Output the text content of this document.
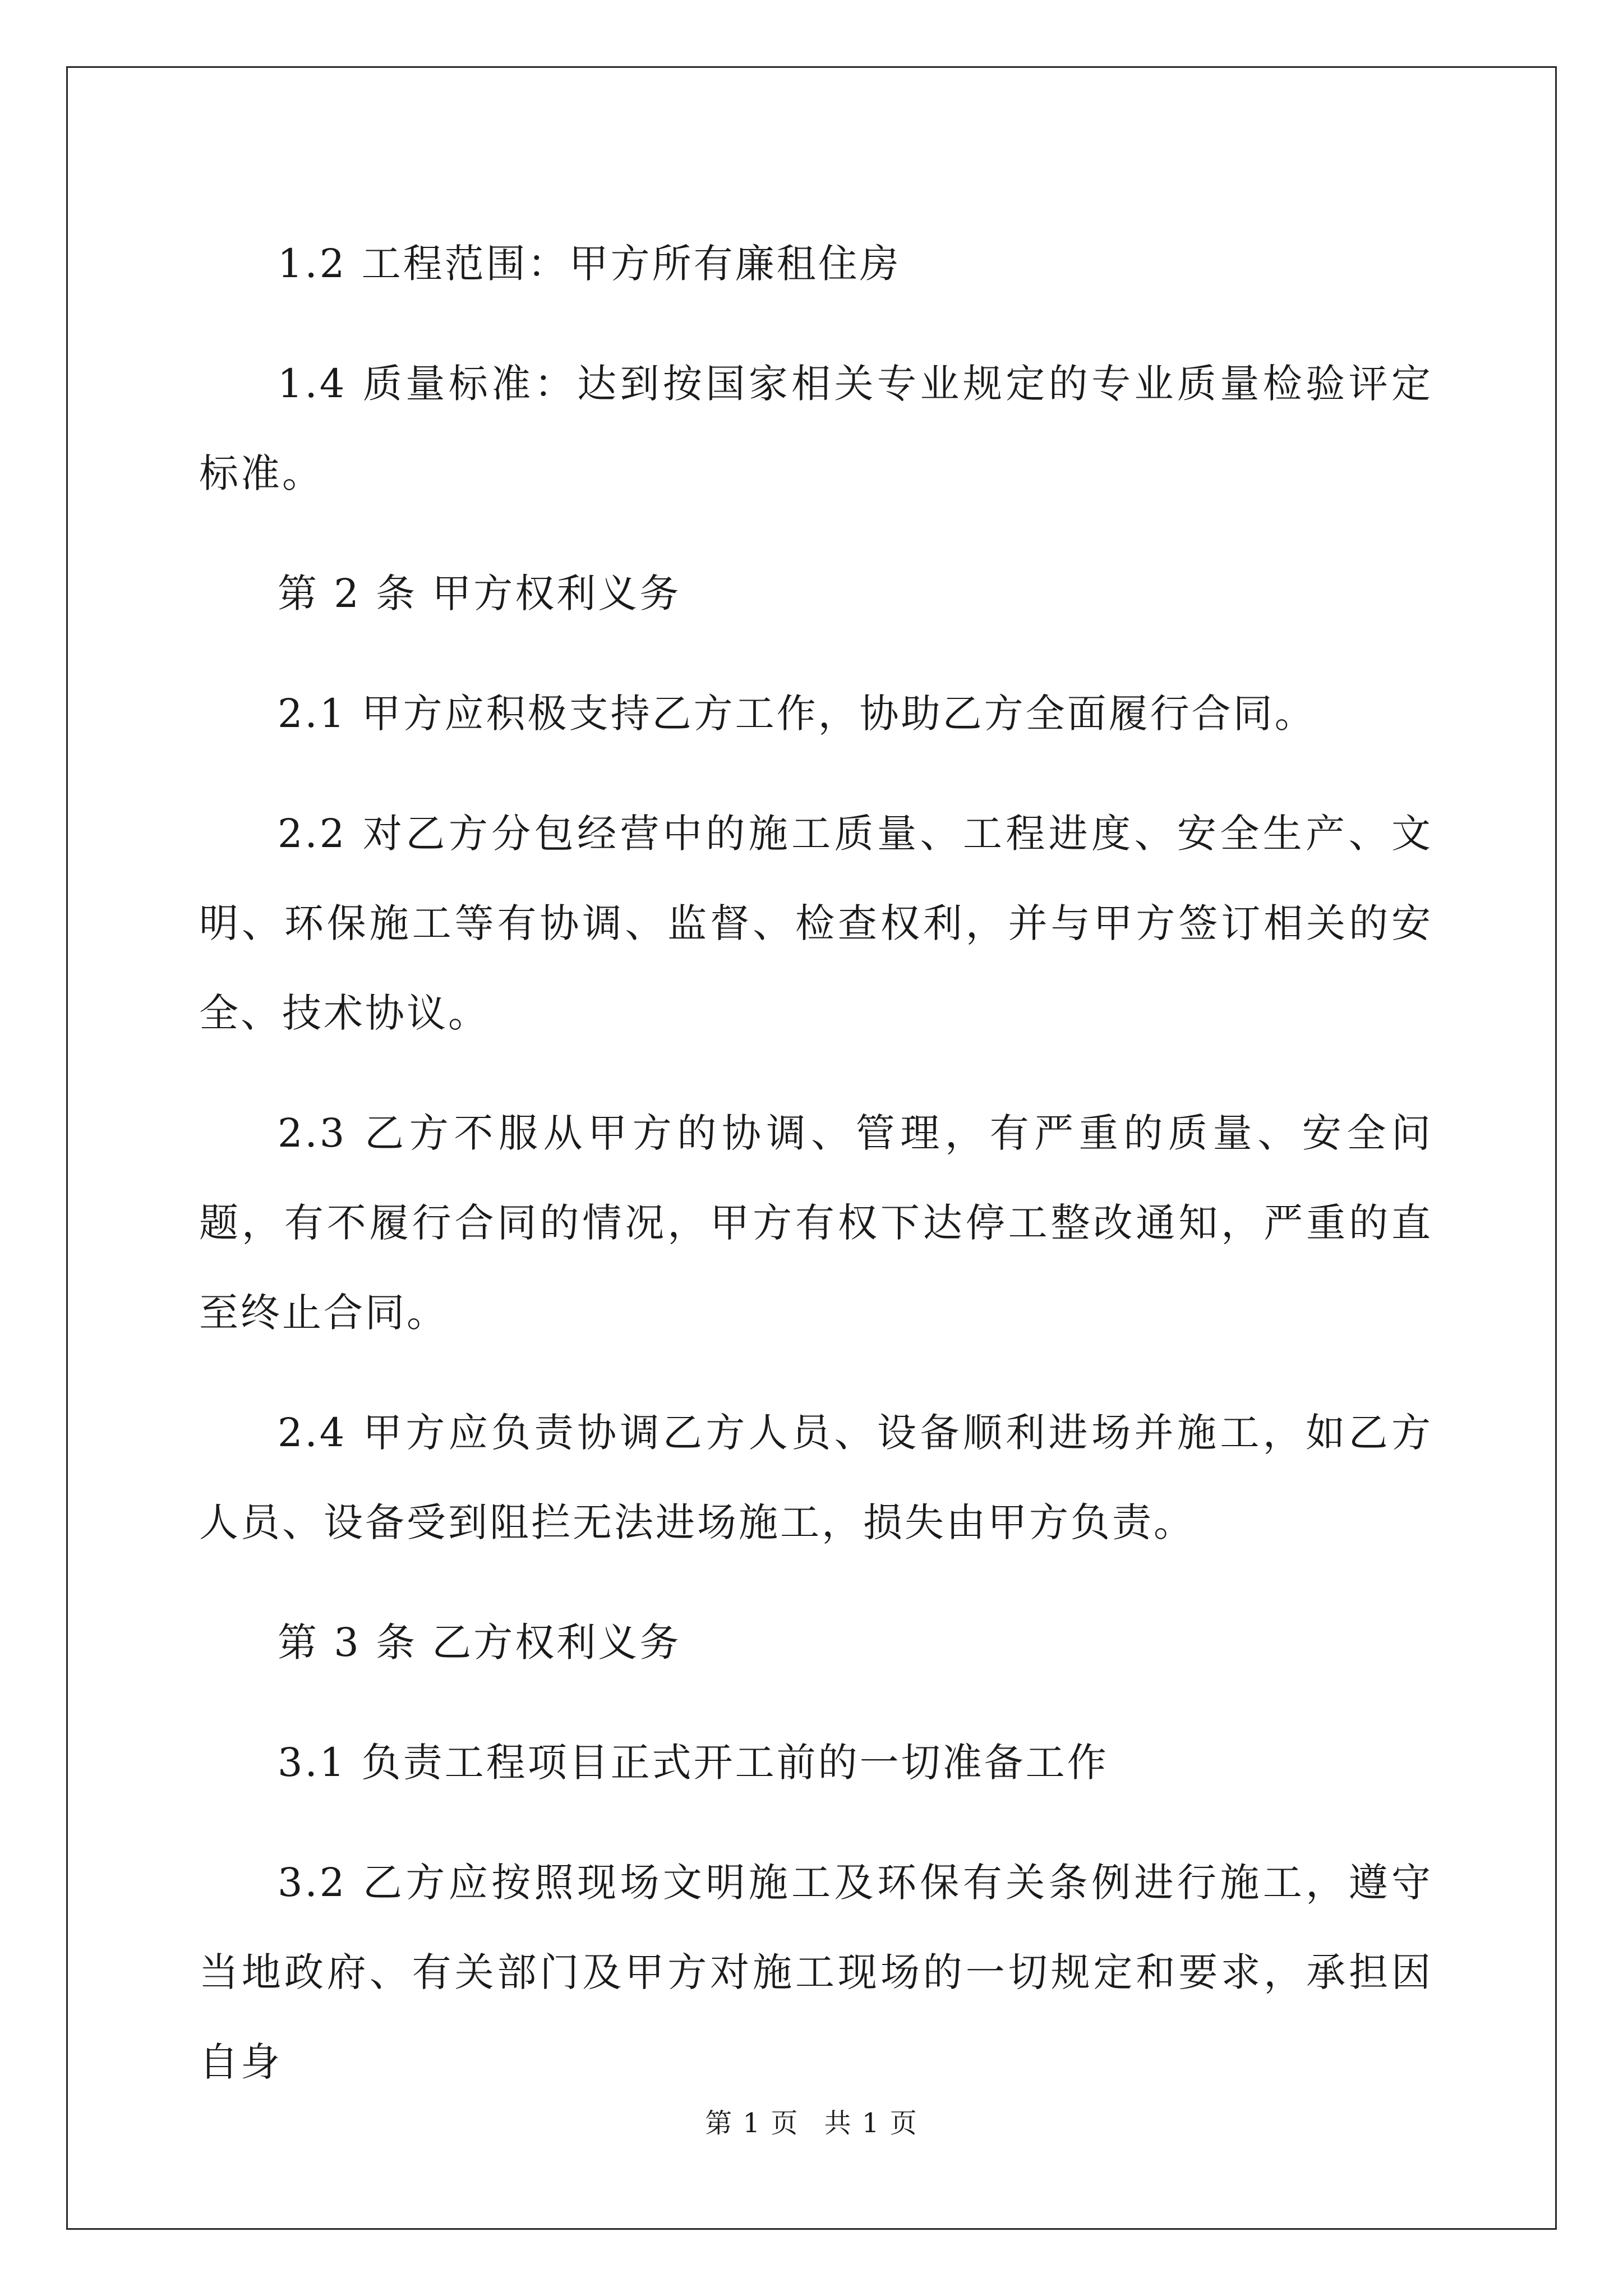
1.2 工程范围：甲方所有廉租住房

1.4 质量标准：达到按国家相关专业规定的专业质量检验评定标准。

第 2 条 甲方权利义务

2.1 甲方应积极支持乙方工作，协助乙方全面履行合同。

2.2 对乙方分包经营中的施工质量、工程进度、安全生产、文明、环保施工等有协调、监督、检查权利，并与甲方签订相关的安全、技术协议。

2.3 乙方不服从甲方的协调、管理，有严重的质量、安全问题，有不履行合同的情况，甲方有权下达停工整改通知，严重的直至终止合同。

2.4 甲方应负责协调乙方人员、设备顺利进场并施工，如乙方人员、设备受到阻拦无法进场施工，损失由甲方负责。

第 3 条 乙方权利义务

3.1 负责工程项目正式开工前的一切准备工作

3.2 乙方应按照现场文明施工及环保有关条例进行施工，遵守当地政府、有关部门及甲方对施工现场的一切规定和要求，承担因自身

第 1 页 共 1 页
